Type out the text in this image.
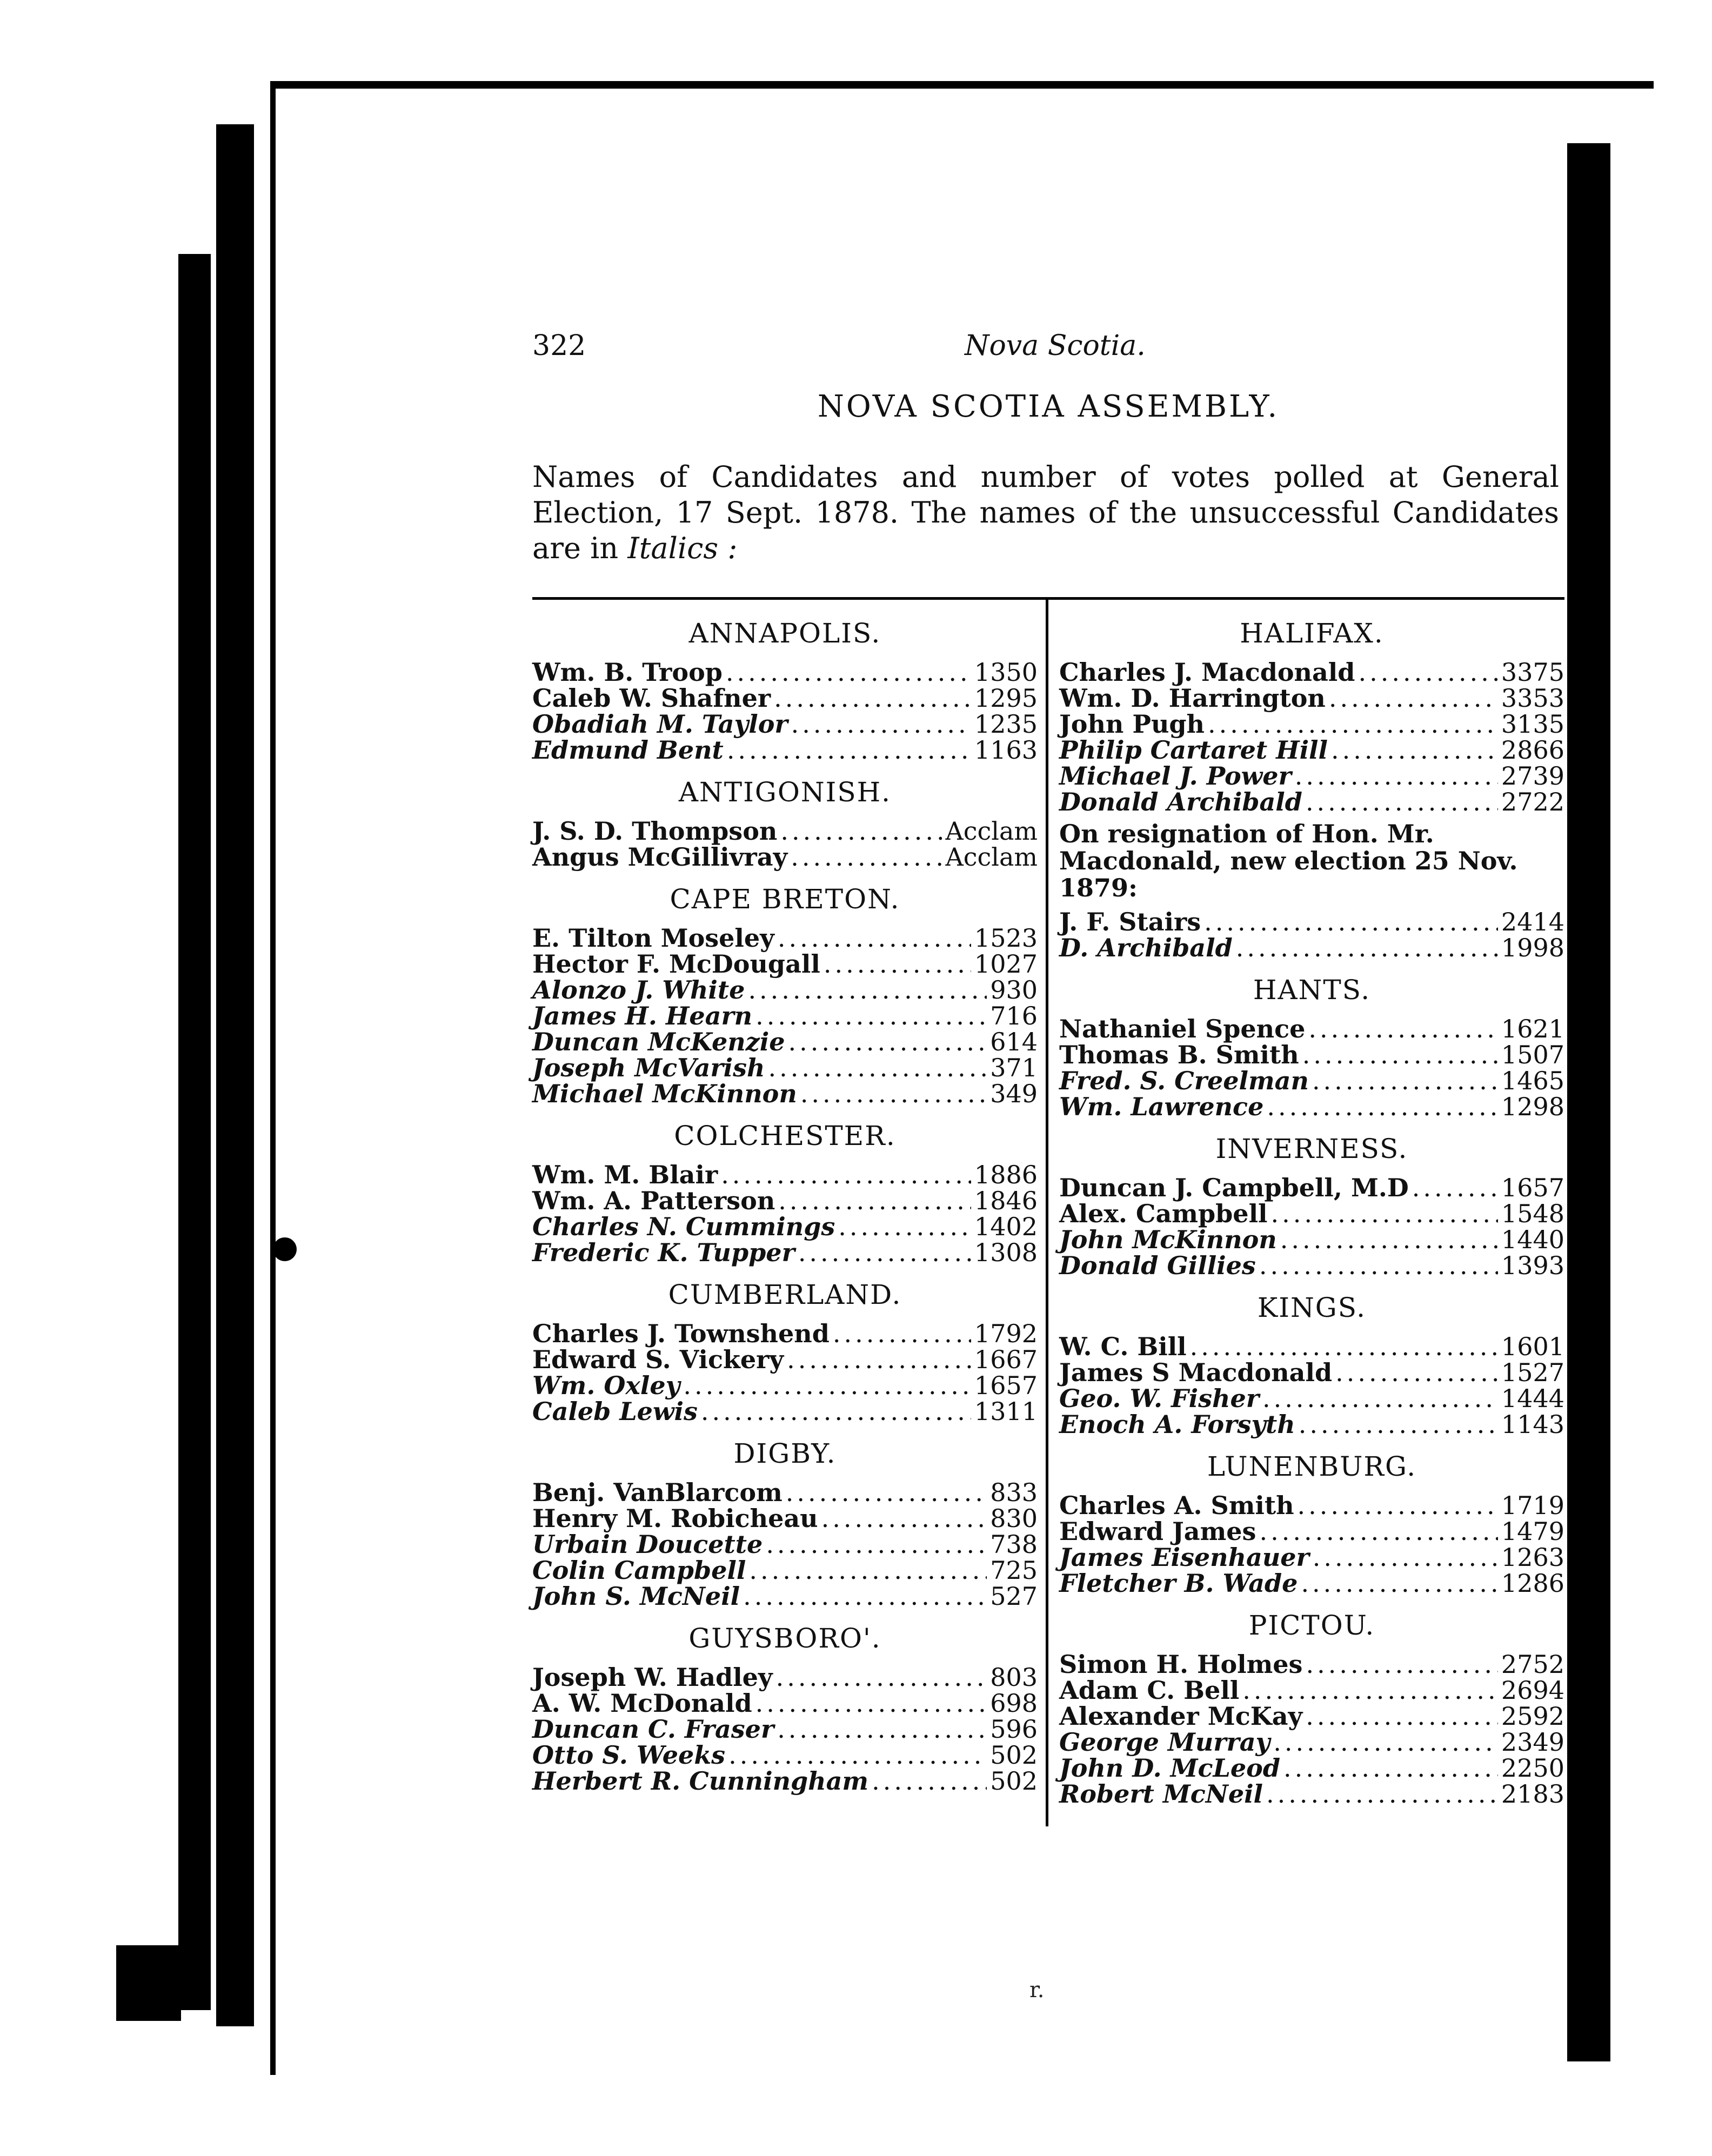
322	Nova Scotia.
NOVA SCOTIA ASSEMBLY.
Names of Candidates and number of votes polled at General Election, 17 Sept. 1878. The names of the unsuccessful Candidates are in Italics :
ANNAPOLIS.
Wm. B. Troop .....	1350
Caleb W. Shafner .....	1295
Obadiah M. Taylor .....	1235
Edmund Bent .....	1163
ANTIGONISH.
J. S. D. Thompson .....	Acclam
Angus McGillivray .....	Acclam
CAPE BRETON.
E. Tilton Moseley .....	1523
Hector F. McDougall .....	1027
Alonzo J. White .....	930
James H. Hearn .....	716
Duncan McKenzie .....	614
Joseph McVarish .....	371
Michael McKinnon .....	349
COLCHESTER.
Wm. M. Blair .....	1886
Wm. A. Patterson .....	1846
Charles N. Cummings .....	1402
Frederic K. Tupper .....	1308
CUMBERLAND.
Charles J. Townshend .....	1792
Edward S. Vickery .....	1667
Wm. Oxley .....	1657
Caleb Lewis .....	1311
DIGBY.
Benj. VanBlarcom .....	833
Henry M. Robicheau .....	830
Urbain Doucette .....	738
Colin Campbell .....	725
John S. McNeil .....	527
GUYSBORO'.
Joseph W. Hadley .....	803
A. W. McDonald .....	698
Duncan C. Fraser .....	596
Otto S. Weeks .....	502
Herbert R. Cunningham .....	502
HALIFAX.
Charles J. Macdonald .....	3375
Wm. D. Harrington .....	3353
John Pugh .....	3135
Philip Cartaret Hill .....	2866
Michael J. Power .....	2739
Donald Archibald .....	2722
On resignation of Hon. Mr. Macdonald, new election 25 Nov. 1879:
J. F. Stairs .....	2414
D. Archibald .....	1998
HANTS.
Nathaniel Spence .....	1621
Thomas B. Smith .....	1507
Fred. S. Creelman .....	1465
Wm. Lawrence .....	1298
INVERNESS.
Duncan J. Campbell, M.D .....	1657
Alex. Campbell .....	1548
John McKinnon .....	1440
Donald Gillies .....	1393
KINGS.
W. C. Bill .....	1601
James S Macdonald .....	1527
Geo. W. Fisher .....	1444
Enoch A. Forsyth .....	1143
LUNENBURG.
Charles A. Smith .....	1719
Edward James .....	1479
James Eisenhauer .....	1263
Fletcher B. Wade .....	1286
PICTOU.
Simon H. Holmes .....	2752
Adam C. Bell .....	2694
Alexander McKay .....	2592
George Murray .....	2349
John D. McLeod .....	2250
Robert McNeil .....	2183
r.
